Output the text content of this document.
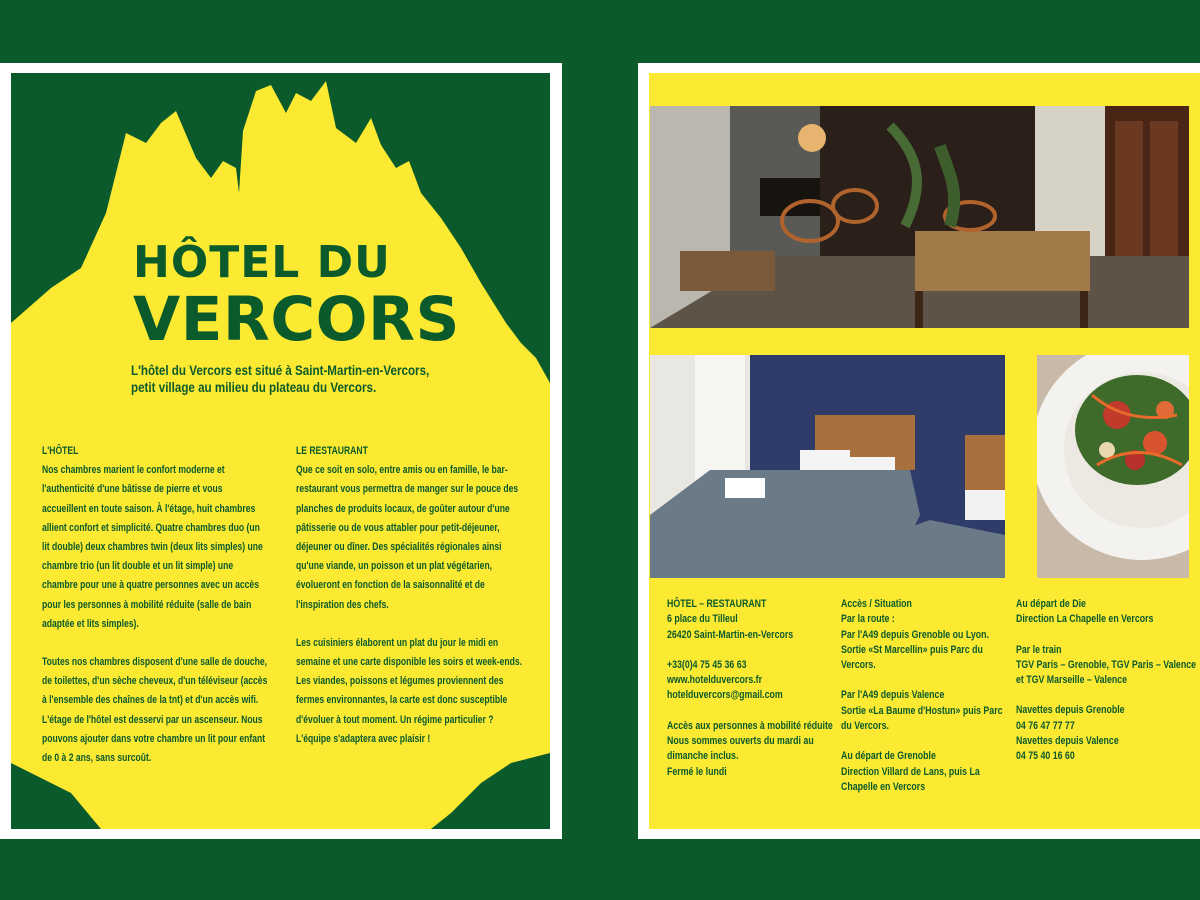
HÔTEL DU
VERCORS
L'hôtel du Vercors est situé à Saint-Martin-en-Vercors, petit village au milieu du plateau du Vercors.
L'HÔTEL

Nos chambres marient le confort moderne et l'authenticité d'une bâtisse de pierre et vous accueillent en toute saison. À l'étage, huit chambres allient confort et simplicité. Quatre chambres duo (un lit double) deux chambres twin (deux lits simples) une chambre trio (un lit double et un lit simple) une chambre pour une à quatre personnes avec un accès pour les personnes à mobilité réduite (salle de bain adaptée et lits simples).

Toutes nos chambres disposent d'une salle de douche, de toilettes, d'un sèche cheveux, d'un téléviseur (accès à l'ensemble des chaînes de la tnt) et d'un accès wifi. L'étage de l'hôtel est desservi par un ascenseur. Nous pouvons ajouter dans votre chambre un lit pour enfant de 0 à 2 ans, sans surcoût.

LE RESTAURANT

Que ce soit en solo, entre amis ou en famille, le bar-restaurant vous permettra de manger sur le pouce des planches de produits locaux, de goûter autour d'une pâtisserie ou de vous attabler pour petit-déjeuner, déjeuner ou dîner. Des spécialités régionales ainsi qu'une viande, un poisson et un plat végétarien, évolueront en fonction de la saisonnalité et de l'inspiration des chefs.

Les cuisiniers élaborent un plat du jour le midi en semaine et une carte disponible les soirs et week-ends. Les viandes, poissons et légumes proviennent des fermes environnantes, la carte est donc susceptible d'évoluer à tout moment. Un régime particulier ? L'équipe s'adaptera avec plaisir !

HÔTEL – RESTAURANT
6 place du Tilleul
26420 Saint-Martin-en-Vercors

+33(0)4 75 45 36 63
www.hotelduvercors.fr
hotelduvercors@gmail.com

Accès aux personnes à mobilité réduite
Nous sommes ouverts du mardi au dimanche inclus.
Fermé le lundi

Accès / Situation
Par la route :
Par l'A49 depuis Grenoble ou Lyon. Sortie «St Marcellin» puis Parc du Vercors.

Par l'A49 depuis Valence
Sortie «La Baume d'Hostun» puis Parc du Vercors.

Au départ de Grenoble
Direction Villard de Lans, puis La Chapelle en Vercors

Au départ de Die
Direction La Chapelle en Vercors

Par le train
TGV Paris – Grenoble, TGV Paris – Valence et TGV Marseille – Valence

Navettes depuis Grenoble
04 76 47 77 77
Navettes depuis Valence
04 75 40 16 60
